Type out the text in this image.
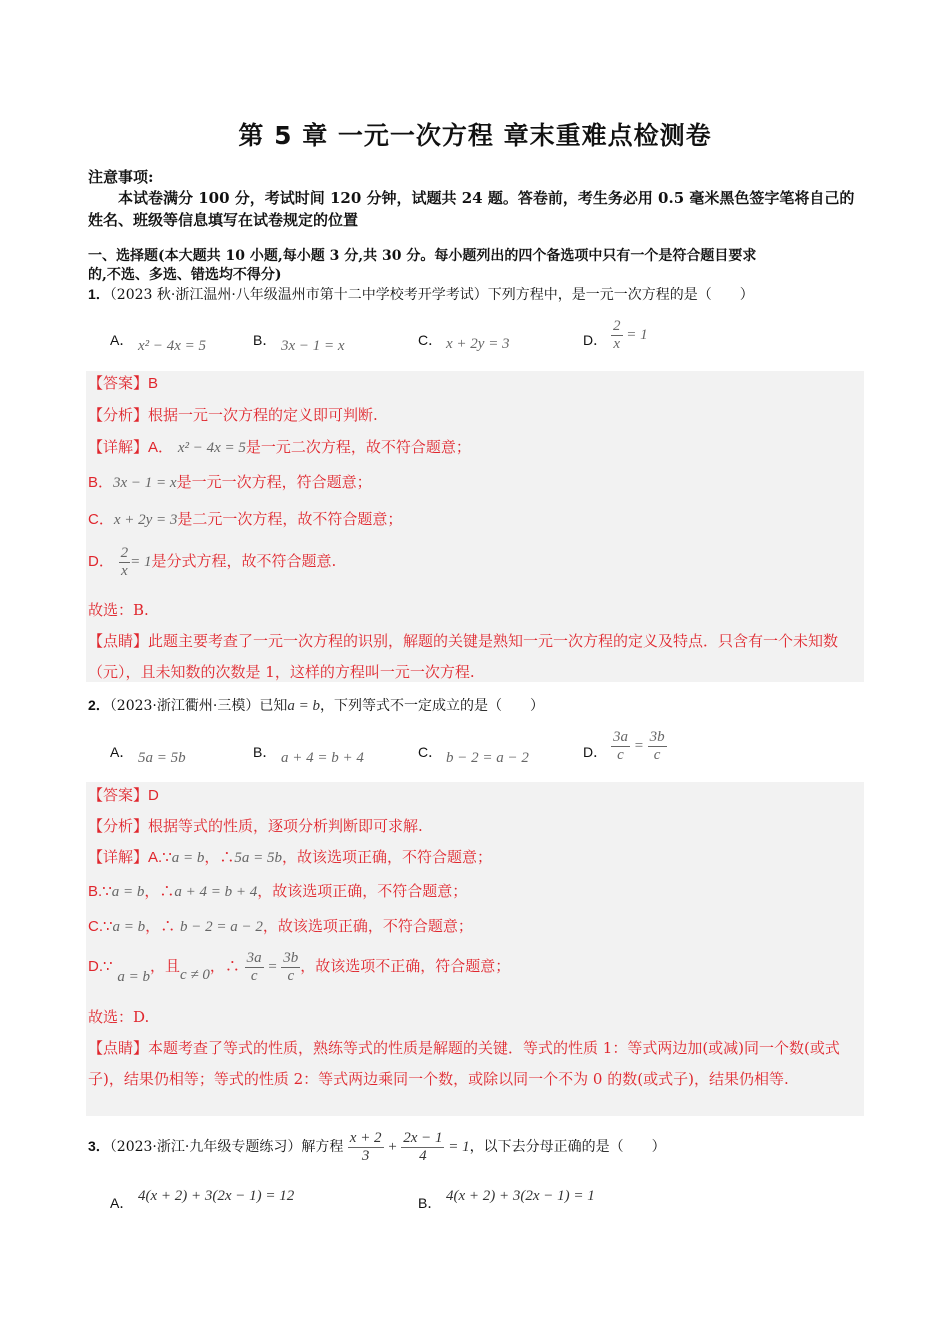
第 5 章 一元一次方程 章末重难点检测卷
注意事项:
本试卷满分 100 分，考试时间 120 分钟，试题共 24 题。答卷前，考生务必用 0.5 毫米黑色签字笔将自己的姓名、班级等信息填写在试卷规定的位置
一、选择题(本大题共 10 小题,每小题 3 分,共 30 分。每小题列出的四个备选项中只有一个是符合题目要求
的,不选、多选、错选均不得分)
1．（2023 秋·浙江温州·八年级温州市第十二中学校考开学考试）下列方程中，是一元一次方程的是（　　）
A． x² − 4x = 5	B． 3x − 1 = x	C． x + 2y = 3	D． $\frac{2}{x} = 1$
【答案】B
【分析】根据一元一次方程的定义即可判断.
【详解】A． x² − 4x = 5是一元二次方程，故不符合题意；
B．3x − 1 = x是一元一次方程，符合题意；
C．x + 2y = 3是二元一次方程，故不符合题意；
D． $\frac{2}{x} = 1$是分式方程，故不符合题意.
故选：B.
【点睛】此题主要考查了一元一次方程的识别，解题的关键是熟知一元一次方程的定义及特点．只含有一个未知数（元），且未知数的次数是 1，这样的方程叫一元一次方程.
2．（2023·浙江衢州·三模）已知a = b，下列等式不一定成立的是（　　）
A． 5a = 5b	B． a + 4 = b + 4	C． b − 2 = a − 2	D． $\frac{3a}{c} = \frac{3b}{c}$
【答案】D
【分析】根据等式的性质，逐项分析判断即可求解.
【详解】A.∵a = b，∴5a = 5b，故该选项正确，不符合题意；
B.∵a = b，∴a + 4 = b + 4，故该选项正确，不符合题意；
C.∵a = b，∴ b − 2 = a − 2，故该选项正确，不符合题意；
D.∵ a = b，且c ≠ 0，∴ $\frac{3a}{c} = \frac{3b}{c}$ ，故该选项不正确，符合题意；
故选：D.
【点睛】本题考查了等式的性质，熟练等式的性质是解题的关键．等式的性质 1：等式两边加(或减)同一个数(或式子)，结果仍相等；等式的性质 2：等式两边乘同一个数，或除以同一个不为 0 的数(或式子)，结果仍相等.
3．（2023·浙江·九年级专题练习）解方程 $\frac{x + 2}{3} + \frac{2x - 1}{4} = 1$，以下去分母正确的是（　　）
A． 4(x + 2) + 3(2x − 1) = 12	B． 4(x + 2) + 3(2x − 1) = 1
